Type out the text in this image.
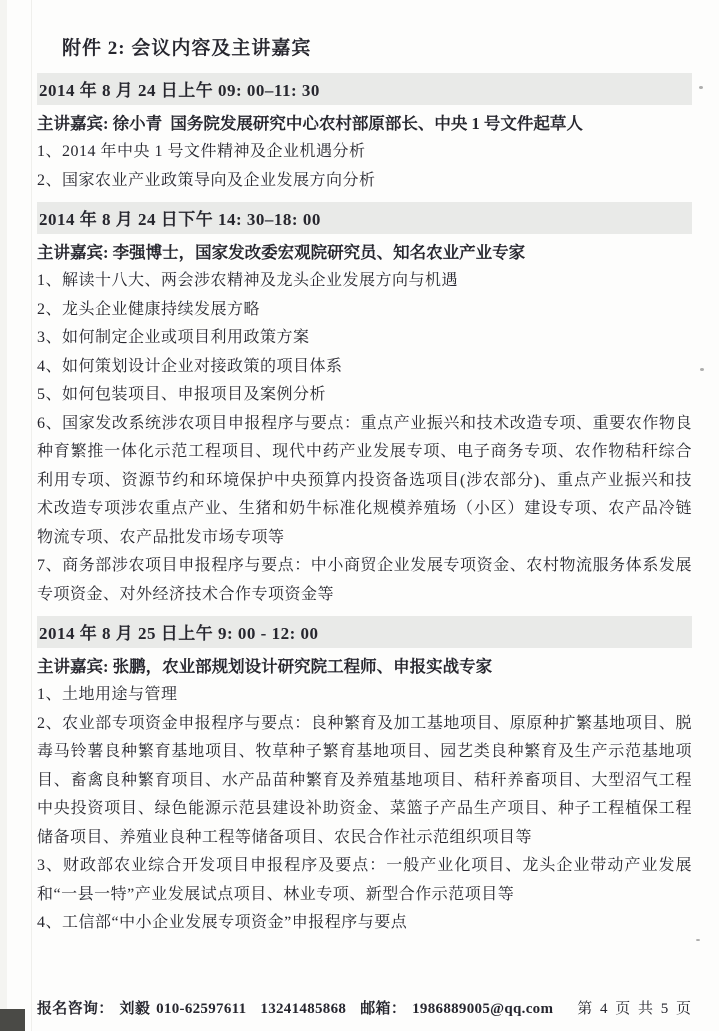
附件 2: 会议内容及主讲嘉宾
2014 年 8 月 24 日上午 09: 00–11: 30

主讲嘉宾: 徐小青  国务院发展研究中心农村部原部长、中央 1 号文件起草人

1、2014 年中央 1 号文件精神及企业机遇分析

2、国家农业产业政策导向及企业发展方向分析

2014 年 8 月 24 日下午 14: 30–18: 00

主讲嘉宾: 李强博士，国家发改委宏观院研究员、知名农业产业专家

1、解读十八大、两会涉农精神及龙头企业发展方向与机遇

2、龙头企业健康持续发展方略

3、如何制定企业或项目利用政策方案

4、如何策划设计企业对接政策的项目体系

5、如何包装项目、申报项目及案例分析

6、国家发改系统涉农项目申报程序与要点：重点产业振兴和技术改造专项、重要农作物良种育繁推一体化示范工程项目、现代中药产业发展专项、电子商务专项、农作物秸秆综合利用专项、资源节约和环境保护中央预算内投资备选项目(涉农部分)、重点产业振兴和技术改造专项涉农重点产业、生猪和奶牛标准化规模养殖场（小区）建设专项、农产品冷链物流专项、农产品批发市场专项等

7、商务部涉农项目申报程序与要点：中小商贸企业发展专项资金、农村物流服务体系发展专项资金、对外经济技术合作专项资金等

2014 年 8 月 25 日上午 9: 00 - 12: 00

主讲嘉宾: 张鹏，农业部规划设计研究院工程师、申报实战专家

1、土地用途与管理

2、农业部专项资金申报程序与要点：良种繁育及加工基地项目、原原种扩繁基地项目、脱毒马铃薯良种繁育基地项目、牧草种子繁育基地项目、园艺类良种繁育及生产示范基地项目、畜禽良种繁育项目、水产品苗种繁育及养殖基地项目、秸秆养畜项目、大型沼气工程中央投资项目、绿色能源示范县建设补助资金、菜篮子产品生产项目、种子工程植保工程储备项目、养殖业良种工程等储备项目、农民合作社示范组织项目等

3、财政部农业综合开发项目申报程序及要点：一般产业化项目、龙头企业带动产业发展和“一县一特”产业发展试点项目、林业专项、新型合作示范项目等

4、工信部“中小企业发展专项资金”申报程序与要点

报名咨询： 刘毅 010-62597611 13241485868 邮箱： 1986889005@qq.com	第 4 页 共 5 页
